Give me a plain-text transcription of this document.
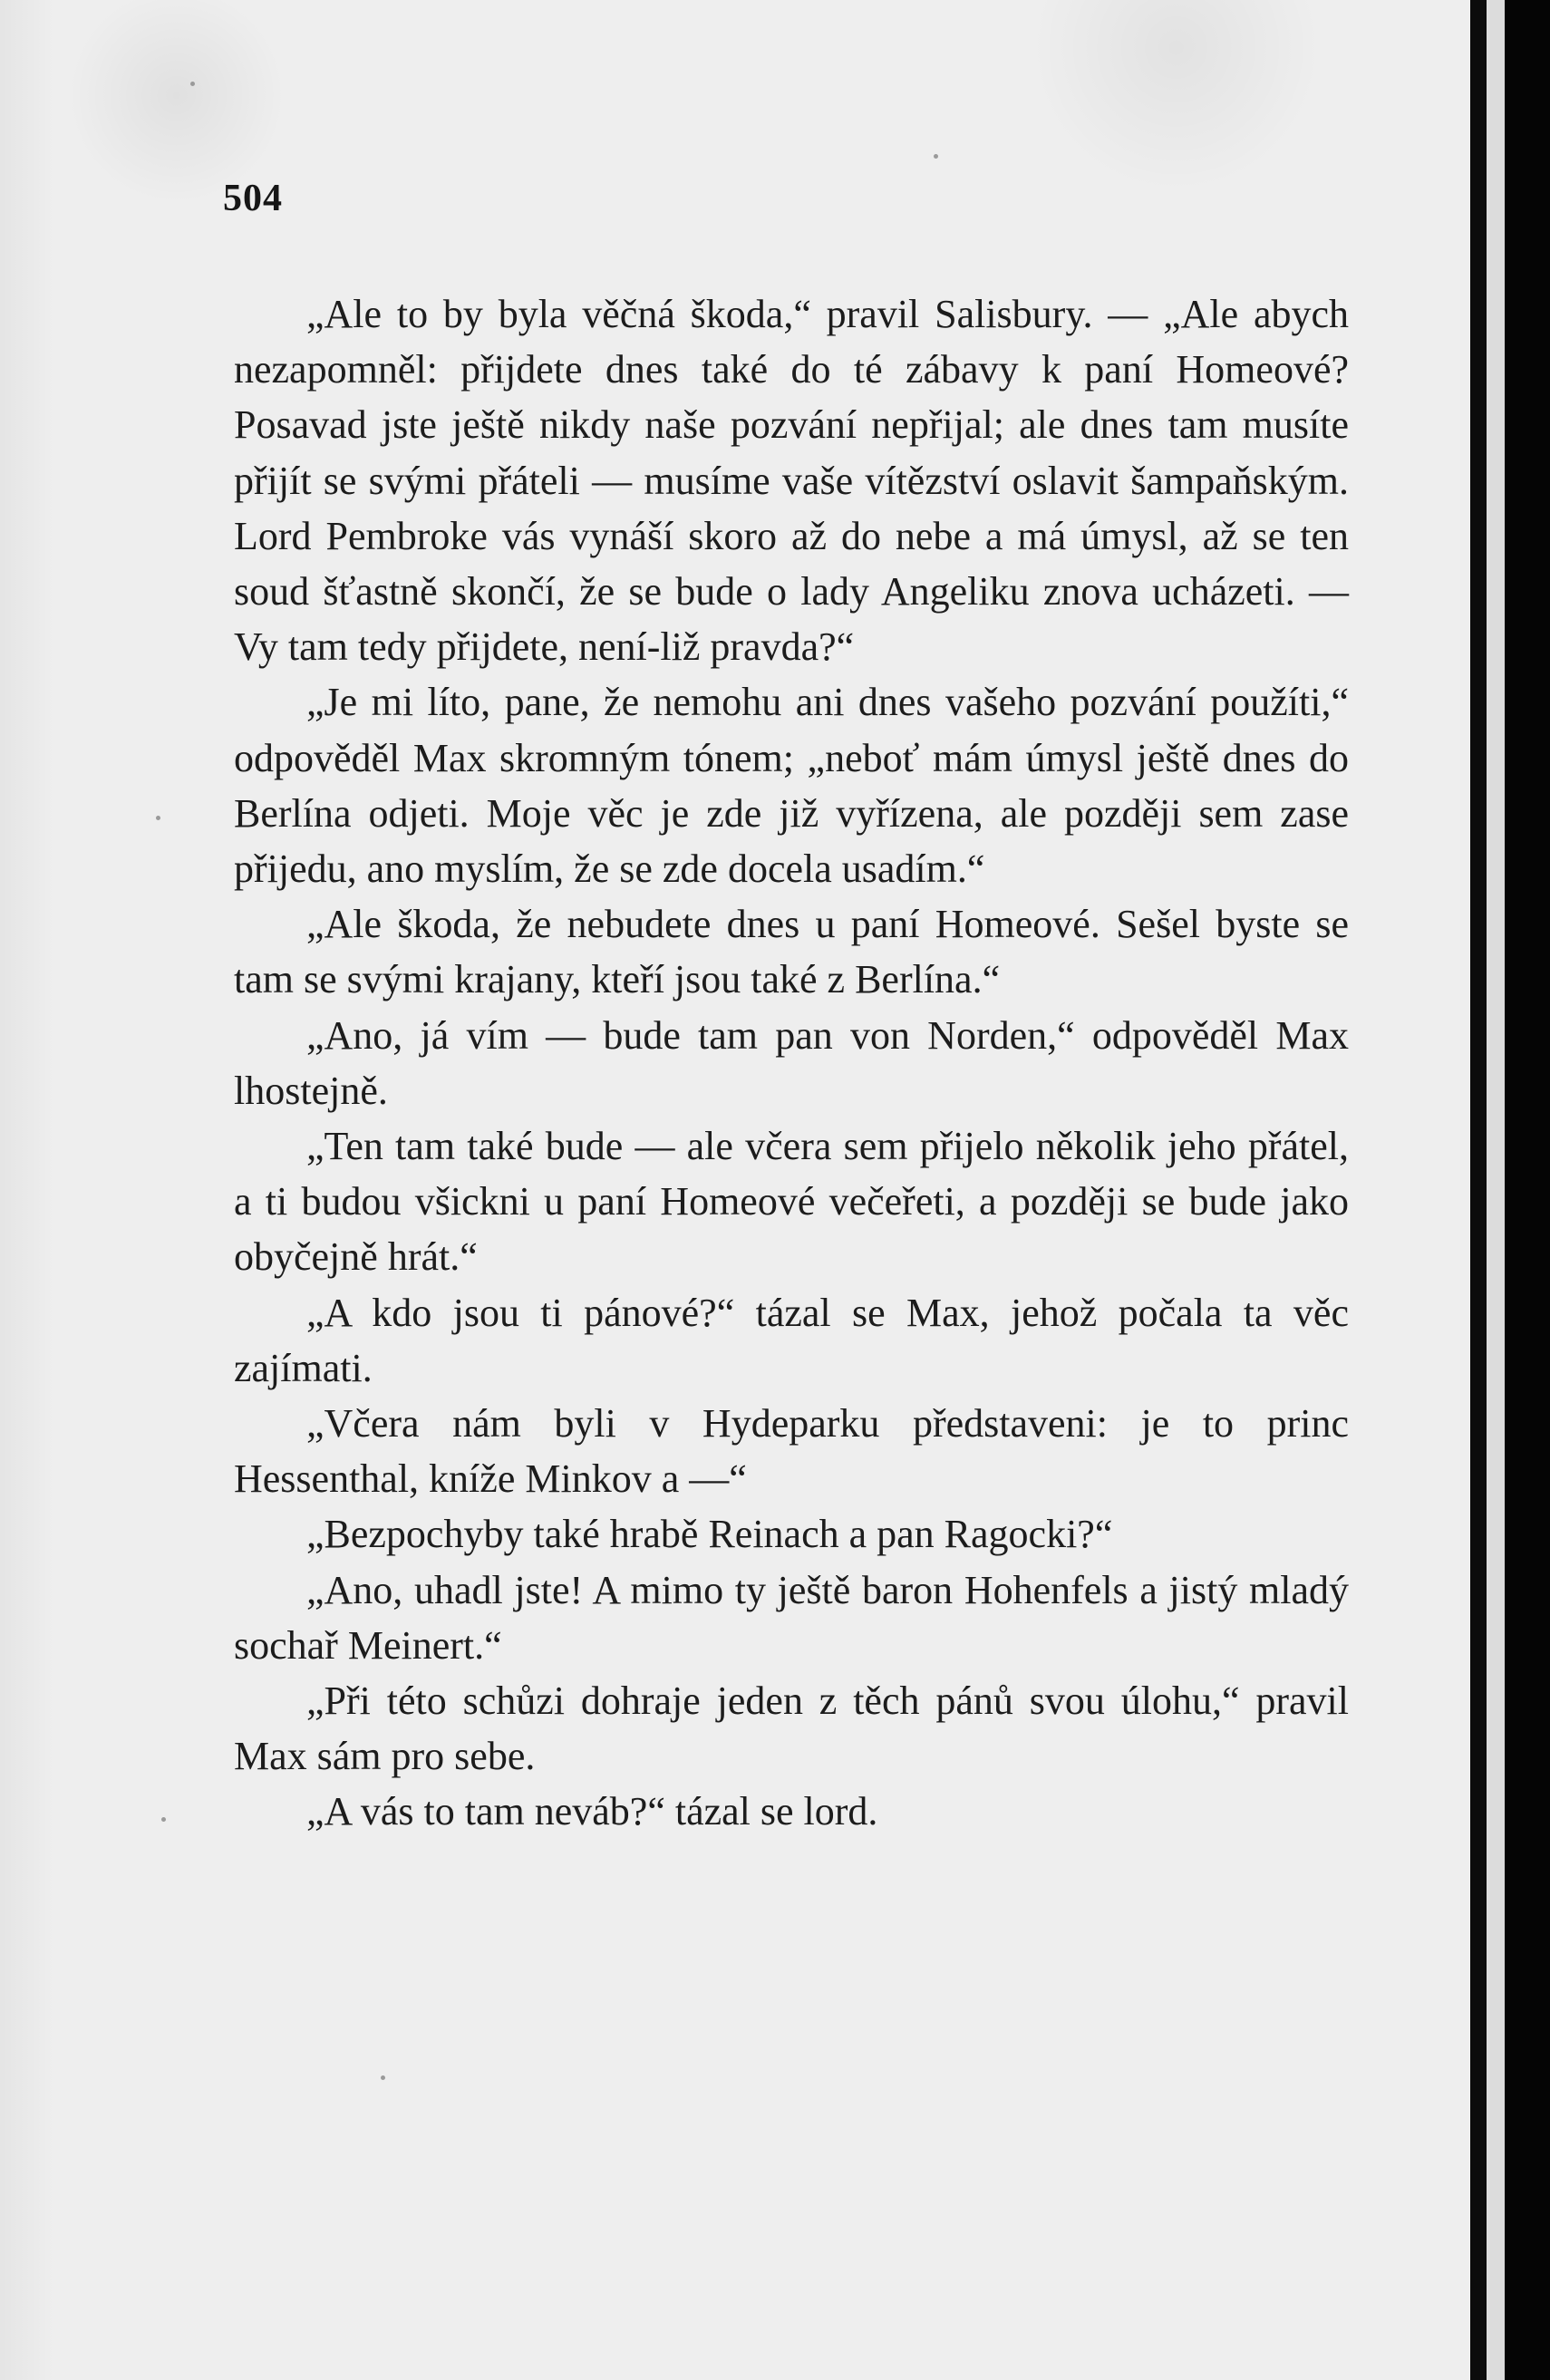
504

„Ale to by byla věčná škoda,“ pravil Salisbury. — „Ale abych nezapomněl: přijdete dnes také do té zábavy k paní Homeové? Posavad jste ještě nikdy naše pozvání nepřijal; ale dnes tam musíte přijít se svými přáteli — musíme vaše vítězství oslavit šampaňským. Lord Pembroke vás vynáší skoro až do nebe a má úmysl, až se ten soud šťastně skončí, že se bude o lady Angeliku znova ucházeti. — Vy tam tedy přijdete, není-liž pravda?“

„Je mi líto, pane, že nemohu ani dnes vašeho pozvání použíti,“ odpověděl Max skromným tónem; „neboť mám úmysl ještě dnes do Berlína odjeti. Moje věc je zde již vyřízena, ale později sem zase přijedu, ano myslím, že se zde docela usadím.“

„Ale škoda, že nebudete dnes u paní Homeové. Sešel byste se tam se svými krajany, kteří jsou také z Berlína.“

„Ano, já vím — bude tam pan von Norden,“ odpověděl Max lhostejně.

„Ten tam také bude — ale včera sem přijelo několik jeho přátel, a ti budou všickni u paní Homeové večeřeti, a později se bude jako obyčejně hrát.“

„A kdo jsou ti pánové?“ tázal se Max, jehož počala ta věc zajímati.

„Včera nám byli v Hydeparku představeni: je to princ Hessenthal, kníže Minkov a —“

„Bezpochyby také hrabě Reinach a pan Ragocki?“

„Ano, uhadl jste! A mimo ty ještě baron Hohenfels a jistý mladý sochař Meinert.“

„Při této schůzi dohraje jeden z těch pánů svou úlohu,“ pravil Max sám pro sebe.

„A vás to tam neváb?“ tázal se lord.
